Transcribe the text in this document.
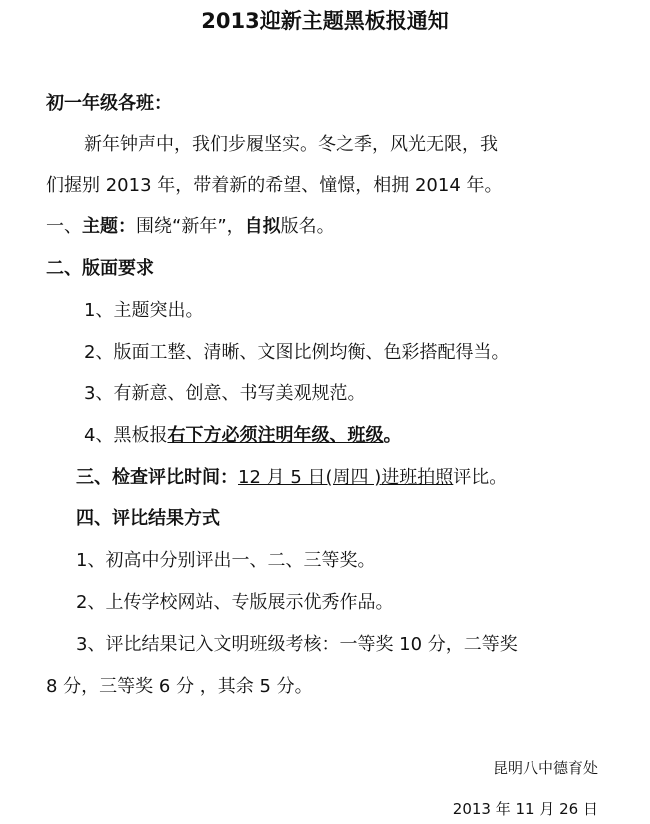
2013迎新主题黑板报通知
初一年级各班：
新年钟声中，我们步履坚实。冬之季，风光无限，我
们握别 2013 年，带着新的希望、憧憬，相拥 2014 年。
一、主题：围绕“新年”，自拟版名。
二、版面要求
1、主题突出。
2、版面工整、清晰、文图比例均衡、色彩搭配得当。
3、有新意、创意、书写美观规范。
4、黑板报右下方必须注明年级、班级。
三、检查评比时间：12 月 5 日(周四 )进班拍照评比。
四、评比结果方式
1、初高中分别评出一、二、三等奖。
2、上传学校网站、专版展示优秀作品。
3、评比结果记入文明班级考核：一等奖 10 分，二等奖
8 分，三等奖 6 分 ，其余 5 分。
昆明八中德育处
2013 年 11 月 26 日
